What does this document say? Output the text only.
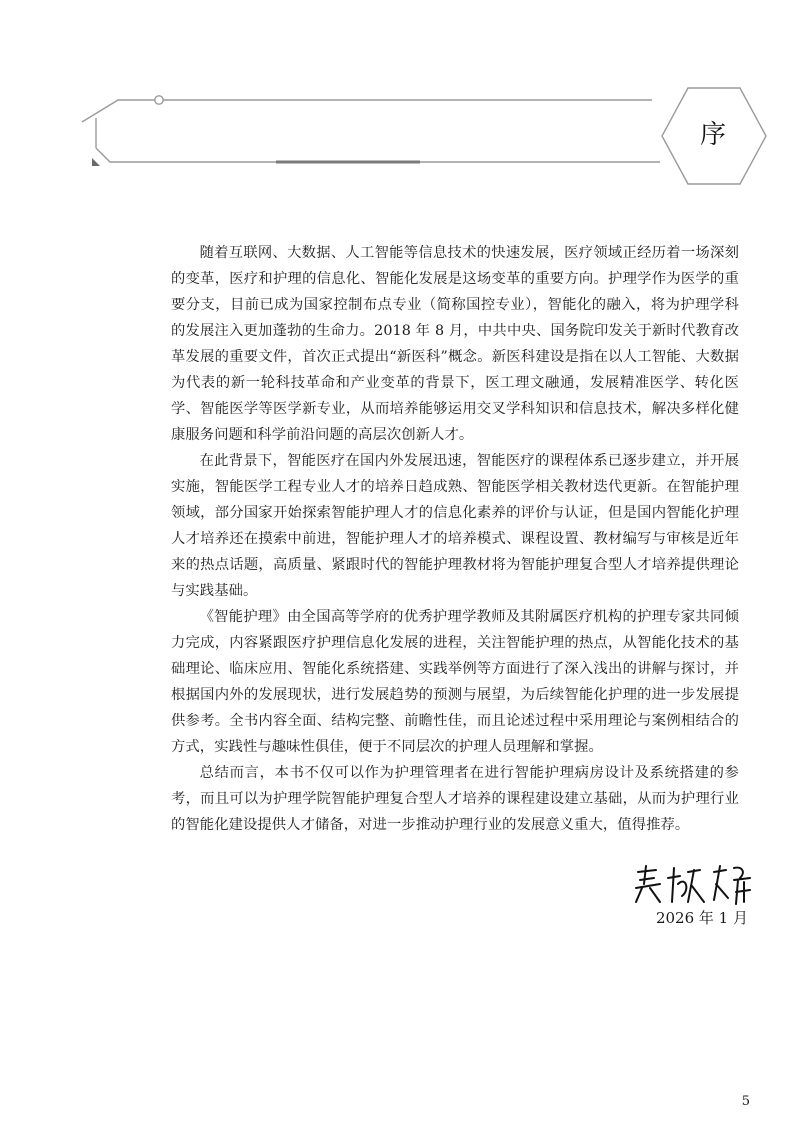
序

随着互联网、大数据、人工智能等信息技术的快速发展，医疗领域正经历着一场深刻的变革，医疗和护理的信息化、智能化发展是这场变革的重要方向。护理学作为医学的重要分支，目前已成为国家控制布点专业（简称国控专业），智能化的融入，将为护理学科的发展注入更加蓬勃的生命力。2018 年 8 月，中共中央、国务院印发关于新时代教育改革发展的重要文件，首次正式提出“新医科”概念。新医科建设是指在以人工智能、大数据为代表的新一轮科技革命和产业变革的背景下，医工理文融通，发展精准医学、转化医学、智能医学等医学新专业，从而培养能够运用交叉学科知识和信息技术，解决多样化健康服务问题和科学前沿问题的高层次创新人才。

在此背景下，智能医疗在国内外发展迅速，智能医疗的课程体系已逐步建立，并开展实施，智能医学工程专业人才的培养日趋成熟、智能医学相关教材迭代更新。在智能护理领域，部分国家开始探索智能护理人才的信息化素养的评价与认证，但是国内智能化护理人才培养还在摸索中前进，智能护理人才的培养模式、课程设置、教材编写与审核是近年来的热点话题，高质量、紧跟时代的智能护理教材将为智能护理复合型人才培养提供理论与实践基础。

《智能护理》由全国高等学府的优秀护理学教师及其附属医疗机构的护理专家共同倾力完成，内容紧跟医疗护理信息化发展的进程，关注智能护理的热点，从智能化技术的基础理论、临床应用、智能化系统搭建、实践举例等方面进行了深入浅出的讲解与探讨，并根据国内外的发展现状，进行发展趋势的预测与展望，为后续智能化护理的进一步发展提供参考。全书内容全面、结构完整、前瞻性佳，而且论述过程中采用理论与案例相结合的方式，实践性与趣味性俱佳，便于不同层次的护理人员理解和掌握。

总结而言，本书不仅可以作为护理管理者在进行智能护理病房设计及系统搭建的参考，而且可以为护理学院智能护理复合型人才培养的课程建设建立基础，从而为护理行业的智能化建设提供人才储备，对进一步推动护理行业的发展意义重大，值得推荐。

2026 年 1 月
5
